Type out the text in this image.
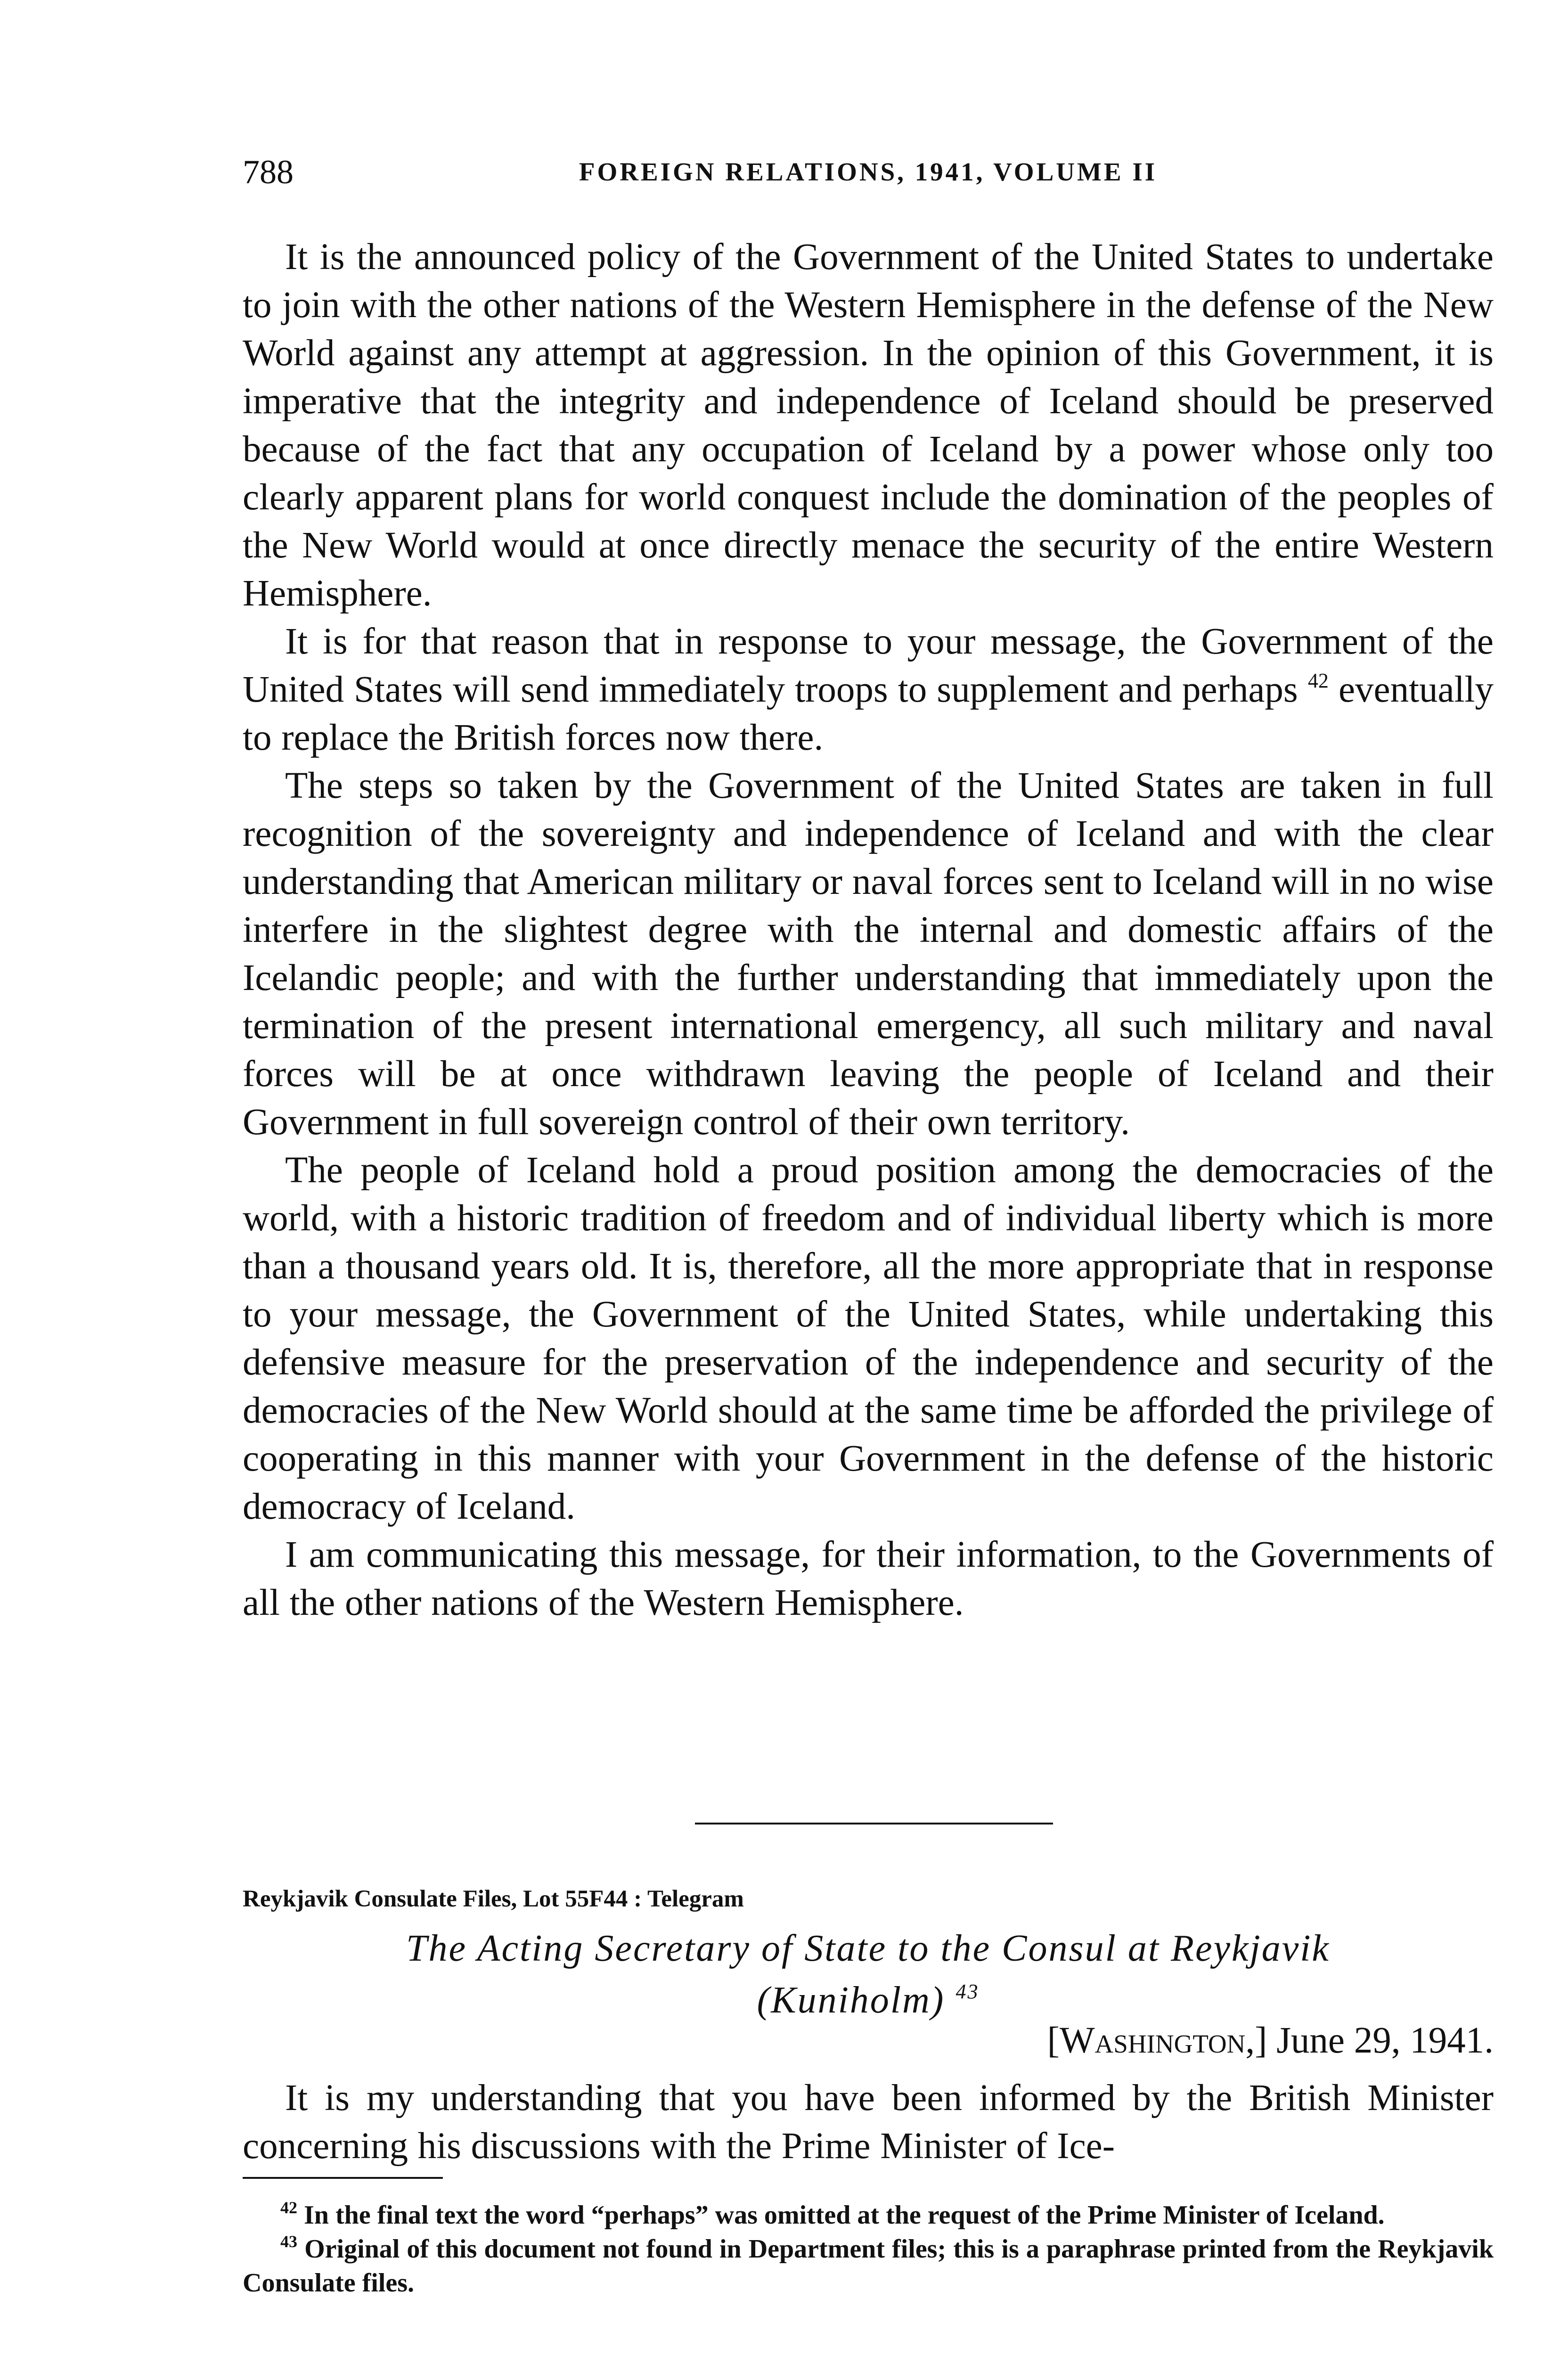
788	FOREIGN RELATIONS, 1941, VOLUME II

It is the announced policy of the Government of the United States to undertake to join with the other nations of the Western Hemisphere in the defense of the New World against any attempt at aggression. In the opinion of this Government, it is imperative that the integrity and independence of Iceland should be preserved because of the fact that any occupation of Iceland by a power whose only too clearly apparent plans for world conquest include the domination of the peoples of the New World would at once directly menace the security of the entire Western Hemisphere.

It is for that reason that in response to your message, the Government of the United States will send immediately troops to supplement and perhaps $^{42}$ eventually to replace the British forces now there.

The steps so taken by the Government of the United States are taken in full recognition of the sovereignty and independence of Iceland and with the clear understanding that American military or naval forces sent to Iceland will in no wise interfere in the slightest degree with the internal and domestic affairs of the Icelandic people; and with the further understanding that immediately upon the termination of the present international emergency, all such military and naval forces will be at once withdrawn leaving the people of Iceland and their Government in full sovereign control of their own territory.

The people of Iceland hold a proud position among the democracies of the world, with a historic tradition of freedom and of individual liberty which is more than a thousand years old. It is, therefore, all the more appropriate that in response to your message, the Government of the United States, while undertaking this defensive measure for the preservation of the independence and security of the democracies of the New World should at the same time be afforded the privilege of cooperating in this manner with your Government in the defense of the historic democracy of Iceland.

I am communicating this message, for their information, to the Governments of all the other nations of the Western Hemisphere.

Reykjavik Consulate Files, Lot 55F44 : Telegram
The Acting Secretary of State to the Consul at Reykjavik
(Kuniholm) $^{43}$
[Washington,] June 29, 1941.

It is my understanding that you have been informed by the British Minister concerning his discussions with the Prime Minister of Ice-

$^{42}$ In the final text the word “perhaps” was omitted at the request of the Prime Minister of Iceland.

$^{43}$ Original of this document not found in Department files; this is a paraphrase printed from the Reykjavik Consulate files.
